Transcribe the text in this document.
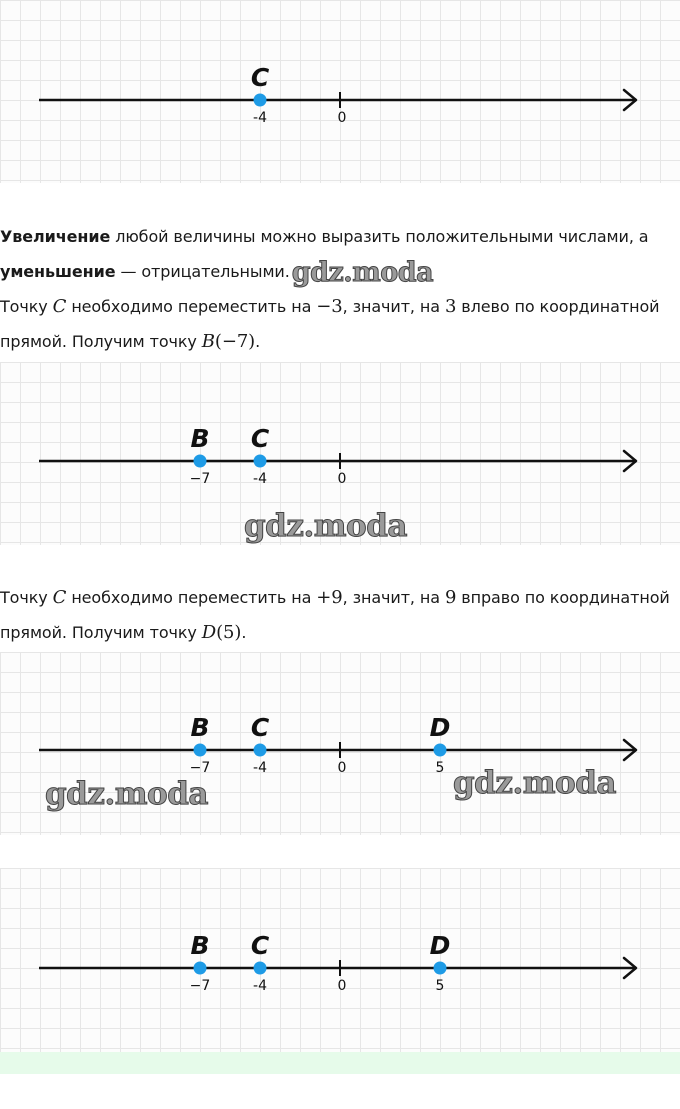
0
C
-4
Увеличение любой величины можно выразить положительными числами, а
уменьшение — отрицательными.gdz.moda
Точку C необходимо переместить на −3, значит, на 3 влево по координатной
прямой. Получим точку B(−7).
0
B
−7
C
-4
gdz.moda
Точку C необходимо переместить на +9, значит, на 9 вправо по координатной
прямой. Получим точку D(5).
0
B
−7
C
-4
D
5
gdz.moda	gdz.moda
0
B
−7
C
-4
D
5
